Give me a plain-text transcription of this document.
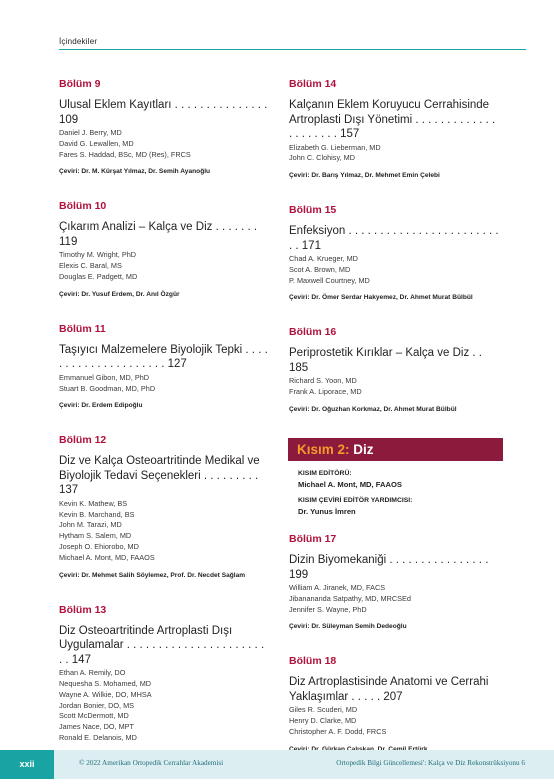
İçindekiler
Bölüm 9
Ulusal Eklem Kayıtları . . . . . . . . . . . . . . . 109
Daniel J. Berry, MD
David G. Lewallen, MD
Fares S. Haddad, BSc, MD (Res), FRCS
Çeviri: Dr. M. Kürşat Yılmaz, Dr. Semih Ayanoğlu
Bölüm 10
Çıkarım Analizi – Kalça ve Diz . . . . . . . 119
Timothy M. Wright, PhD
Elexis C. Baral, MS
Douglas E. Padgett, MD
Çeviri: Dr. Yusuf Erdem, Dr. Anıl Özgür
Bölüm 11
Taşıyıcı Malzemelere Biyolojik Tepki . . . . . . . . . . . . . . . . . . . . . 127
Emmanuel Gibon, MD, PhD
Stuart B. Goodman, MD, PhD
Çeviri: Dr. Erdem Edipoğlu
Bölüm 12
Diz ve Kalça Osteoartritinde Medikal ve Biyolojik Tedavi Seçenekleri . . . . . . . . . 137
Kevin K. Mathew, BS
Kevin B. Marchand, BS
John M. Tarazi, MD
Hytham S. Salem, MD
Joseph O. Ehiorobo, MD
Michael A. Mont, MD, FAAOS
Çeviri: Dr. Mehmet Salih Söylemez, Prof. Dr. Necdet Sağlam
Bölüm 13
Diz Osteoartritinde Artroplasti Dışı Uygulamalar . . . . . . . . . . . . . . . . . . . . . . . . 147
Ethan A. Remily, DO
Nequesha S. Mohamed, MD
Wayne A. Wilkie, DO, MHSA
Jordan Bonier, DO, MS
Scott McDermott, MD
James Nace, DO, MPT
Ronald E. Delanois, MD
Bölüm 14
Kalçanın Eklem Koruyucu Cerrahisinde Artroplasti Dışı Yönetimi . . . . . . . . . . . . . . . . . . . . . 157
Elizabeth G. Lieberman, MD
John C. Clohisy, MD
Çeviri: Dr. Barış Yılmaz, Dr. Mehmet Emin Çelebi
Bölüm 15
Enfeksiyon . . . . . . . . . . . . . . . . . . . . . . . . . . 171
Chad A. Krueger, MD
Scot A. Brown, MD
P. Maxwell Courtney, MD
Çeviri: Dr. Ömer Serdar Hakyemez, Dr. Ahmet Murat Bülbül
Bölüm 16
Periprostetik Kırıklar – Kalça ve Diz . . 185
Richard S. Yoon, MD
Frank A. Liporace, MD
Çeviri: Dr. Oğuzhan Korkmaz, Dr. Ahmet Murat Bülbül
Kısım 2: Diz
KISIM EDİTÖRÜ:
Michael A. Mont, MD, FAAOS
KISIM ÇEVİRİ EDİTÖR YARDIMCISI:
Dr. Yunus İmren
Bölüm 17
Dizin Biyomekaniği . . . . . . . . . . . . . . . . 199
William A. Jiranek, MD, FACS
Jibanananda Satpathy, MD, MRCSEd
Jennifer S. Wayne, PhD
Çeviri: Dr. Süleyman Semih Dedeoğlu
Bölüm 18
Diz Artroplastisinde Anatomi ve Cerrahi Yaklaşımlar . . . . . 207
Giles R. Scuderi, MD
Henry D. Clarke, MD
Christopher A. F. Dodd, FRCS
xxii	© 2022 Amerikan Ortopedik Cerrahlar Akademisi	Ortopedik Bilgi Güncellemesi': Kalça ve Diz Rekonstrüksiyonu 6
